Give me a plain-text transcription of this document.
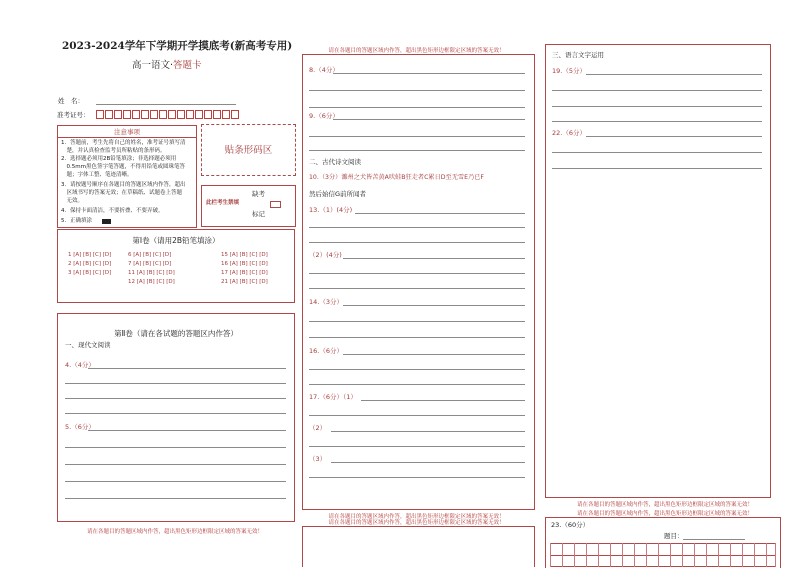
2023-2024学年下学期开学摸底考(新高考专用)
高一语文·答题卡
姓　名：
准考证号：
注意事项
1．答题前，考生先将自己的姓名，准考证号填写清
　楚，并认真检查监考员所粘贴的条形码。
2．选择题必须用2B铅笔填涂；非选择题必须用
　0.5mm黑色签字笔答题，不得用铅笔或圆珠笔答
　题；字体工整、笔迹清晰。
3．请按题号顺序在各题目的答题区域内作答，超出
　区域书写的答案无效；在草稿纸、试题卷上答题
　无效。
4．保持卡面清洁，不要折叠、不要弄破。
5．正确填涂
贴条形码区
此栏考生禁填
缺考
标记
第Ⅰ卷（请用2B铅笔填涂）
1 [A] [B] [C] [D]
2 [A] [B] [C] [D]
3 [A] [B] [C] [D]
6 [A] [B] [C] [D]
7 [A] [B] [C] [D]
11 [A] [B] [C] [D]
12 [A] [B] [C] [D]
15 [A] [B] [C] [D]
16 [A] [B] [C] [D]
17 [A] [B] [C] [D]
21 [A] [B] [C] [D]
第Ⅱ卷（请在各试题的答题区内作答）
一、现代文阅读
4.（4分）
5.（6分）
请在各题目的答题区域内作答，超出黑色矩形边框限定区域的答案无效！
请在各题目的答题区域内作答，超出黑色矩形边框限定区域的答案无效！
8.（4分）
9.（6分）
二、古代诗文阅读
10.（3分）濉州之犬皆苦黄A吠蛙B狂走者C累日D至无雪E乃已F
然后始信G前所闻者
13.（1）(4分)
（2）(4分)
14.（3分）
16.（6分）
17.（6分）（1）
（2）
（3）
请在各题目的答题区域内作答，超出黑色矩形边框限定区域的答案无效！
请在各题目的答题区域内作答，超出黑色矩形边框限定区域的答案无效！
三、语言文字运用
19.（5分）
22.（6分）
请在各题目的答题区域内作答，超出黑色矩形边框限定区域的答案无效！
请在各题目的答题区域内作答，超出黑色矩形边框限定区域的答案无效！
23.（60分）
题目：
